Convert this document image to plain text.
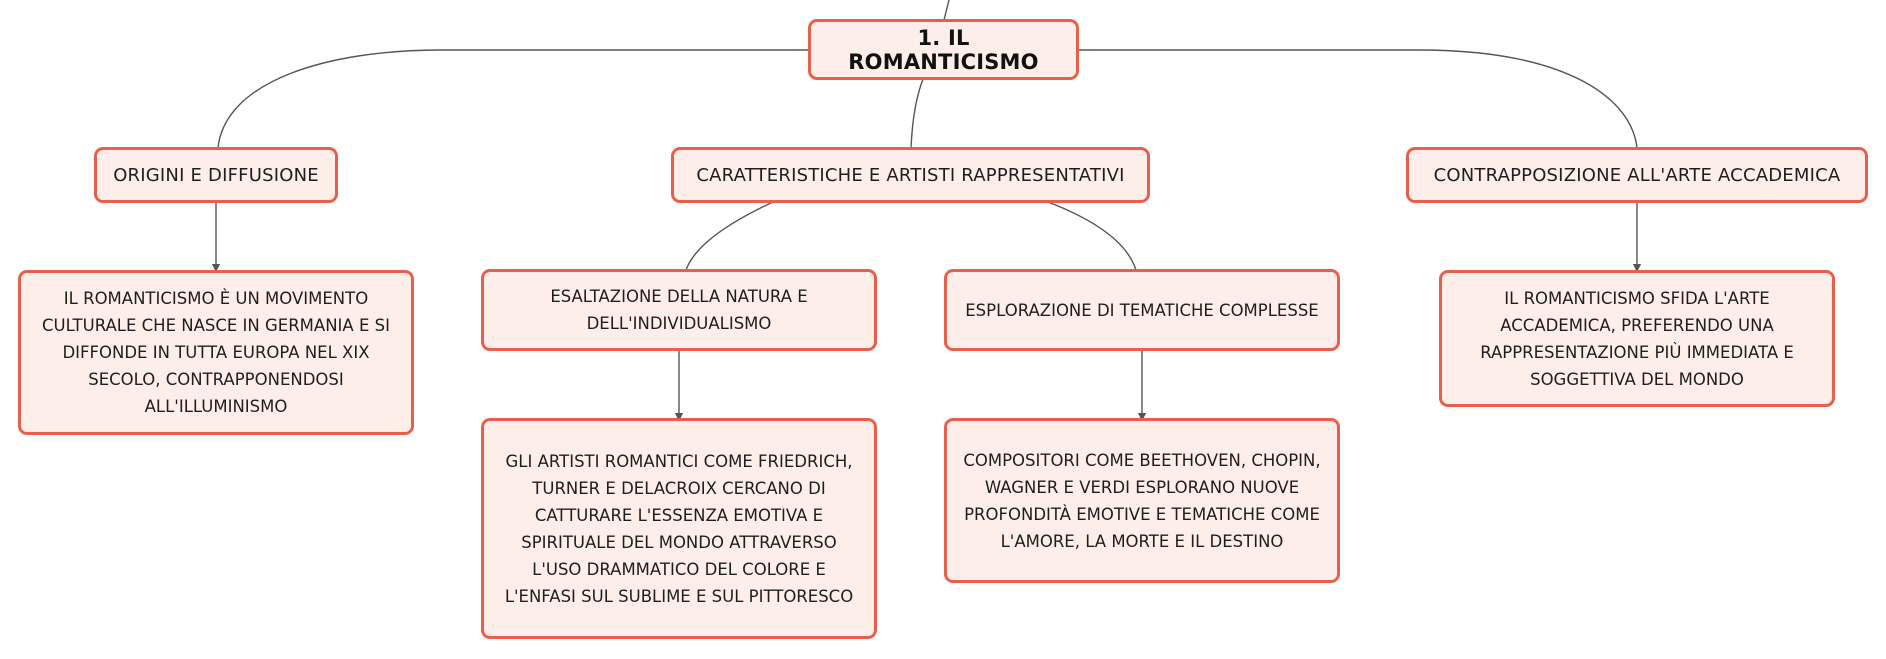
1. IL ROMANTICISMO
ORIGINI E DIFFUSIONE
IL ROMANTICISMO È UN MOVIMENTO CULTURALE CHE NASCE IN GERMANIA E SI DIFFONDE IN TUTTA EUROPA NEL XIX SECOLO, CONTRAPPONENDOSI ALL'ILLUMINISMO
CARATTERISTICHE E ARTISTI RAPPRESENTATIVI
ESALTAZIONE DELLA NATURA E DELL'INDIVIDUALISMO
GLI ARTISTI ROMANTICI COME FRIEDRICH, TURNER E DELACROIX CERCANO DI CATTURARE L'ESSENZA EMOTIVA E SPIRITUALE DEL MONDO ATTRAVERSO L'USO DRAMMATICO DEL COLORE E L'ENFASI SUL SUBLIME E SUL PITTORESCO
ESPLORAZIONE DI TEMATICHE COMPLESSE
COMPOSITORI COME BEETHOVEN, CHOPIN, WAGNER E VERDI ESPLORANO NUOVE PROFONDITÀ EMOTIVE E TEMATICHE COME L'AMORE, LA MORTE E IL DESTINO
CONTRAPPOSIZIONE ALL'ARTE ACCADEMICA
IL ROMANTICISMO SFIDA L'ARTE ACCADEMICA, PREFERENDO UNA RAPPRESENTAZIONE PIÙ IMMEDIATA E SOGGETTIVA DEL MONDO
